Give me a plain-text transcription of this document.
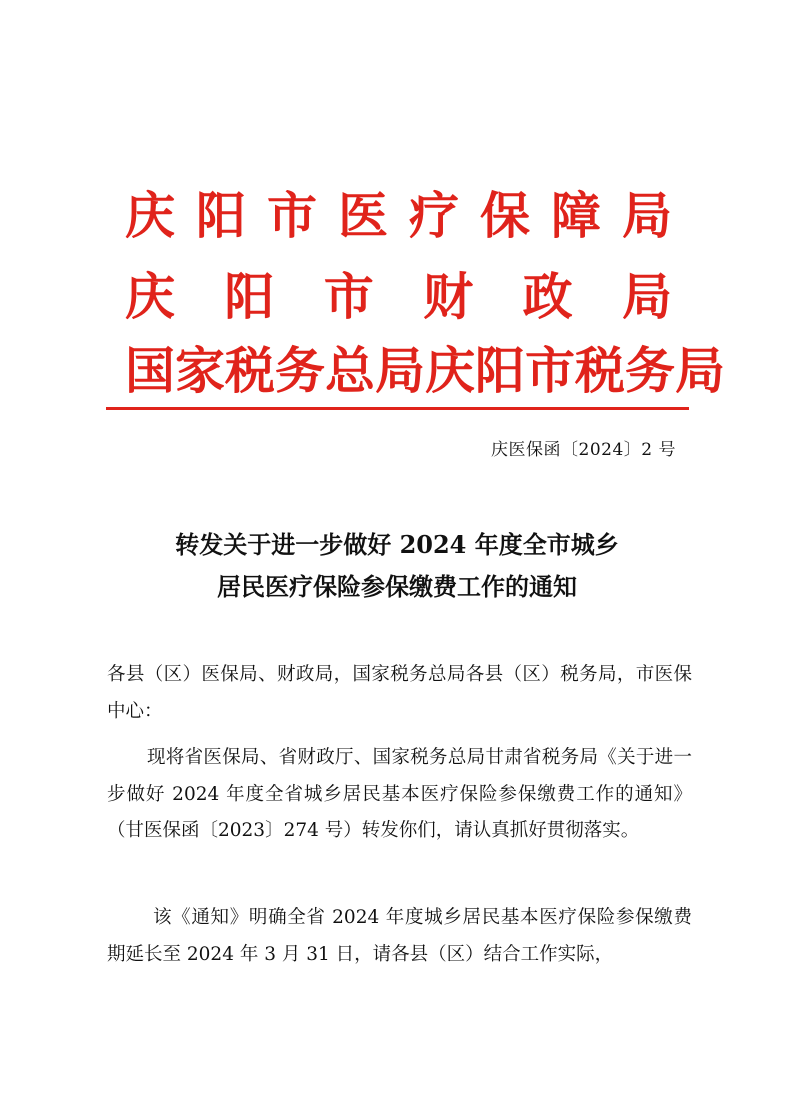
庆 阳 市 医 疗 保 障 局
庆 阳 市 财 政 局
国 家 税 务 总 局 庆 阳 市 税 务 局
庆医保函〔2024〕2 号
转发关于进一步做好 2024 年度全市城乡
居民医疗保险参保缴费工作的通知

各县（区）医保局、财政局，国家税务总局各县（区）税务局，市医保中心：

现将省医保局、省财政厅、国家税务总局甘肃省税务局《关于进一步做好 2024 年度全省城乡居民基本医疗保险参保缴费工作的通知》（甘医保函〔2023〕274 号）转发你们，请认真抓好贯彻落实。

该《通知》明确全省 2024 年度城乡居民基本医疗保险参保缴费期延长至 2024 年 3 月 31 日，请各县（区）结合工作实际，
